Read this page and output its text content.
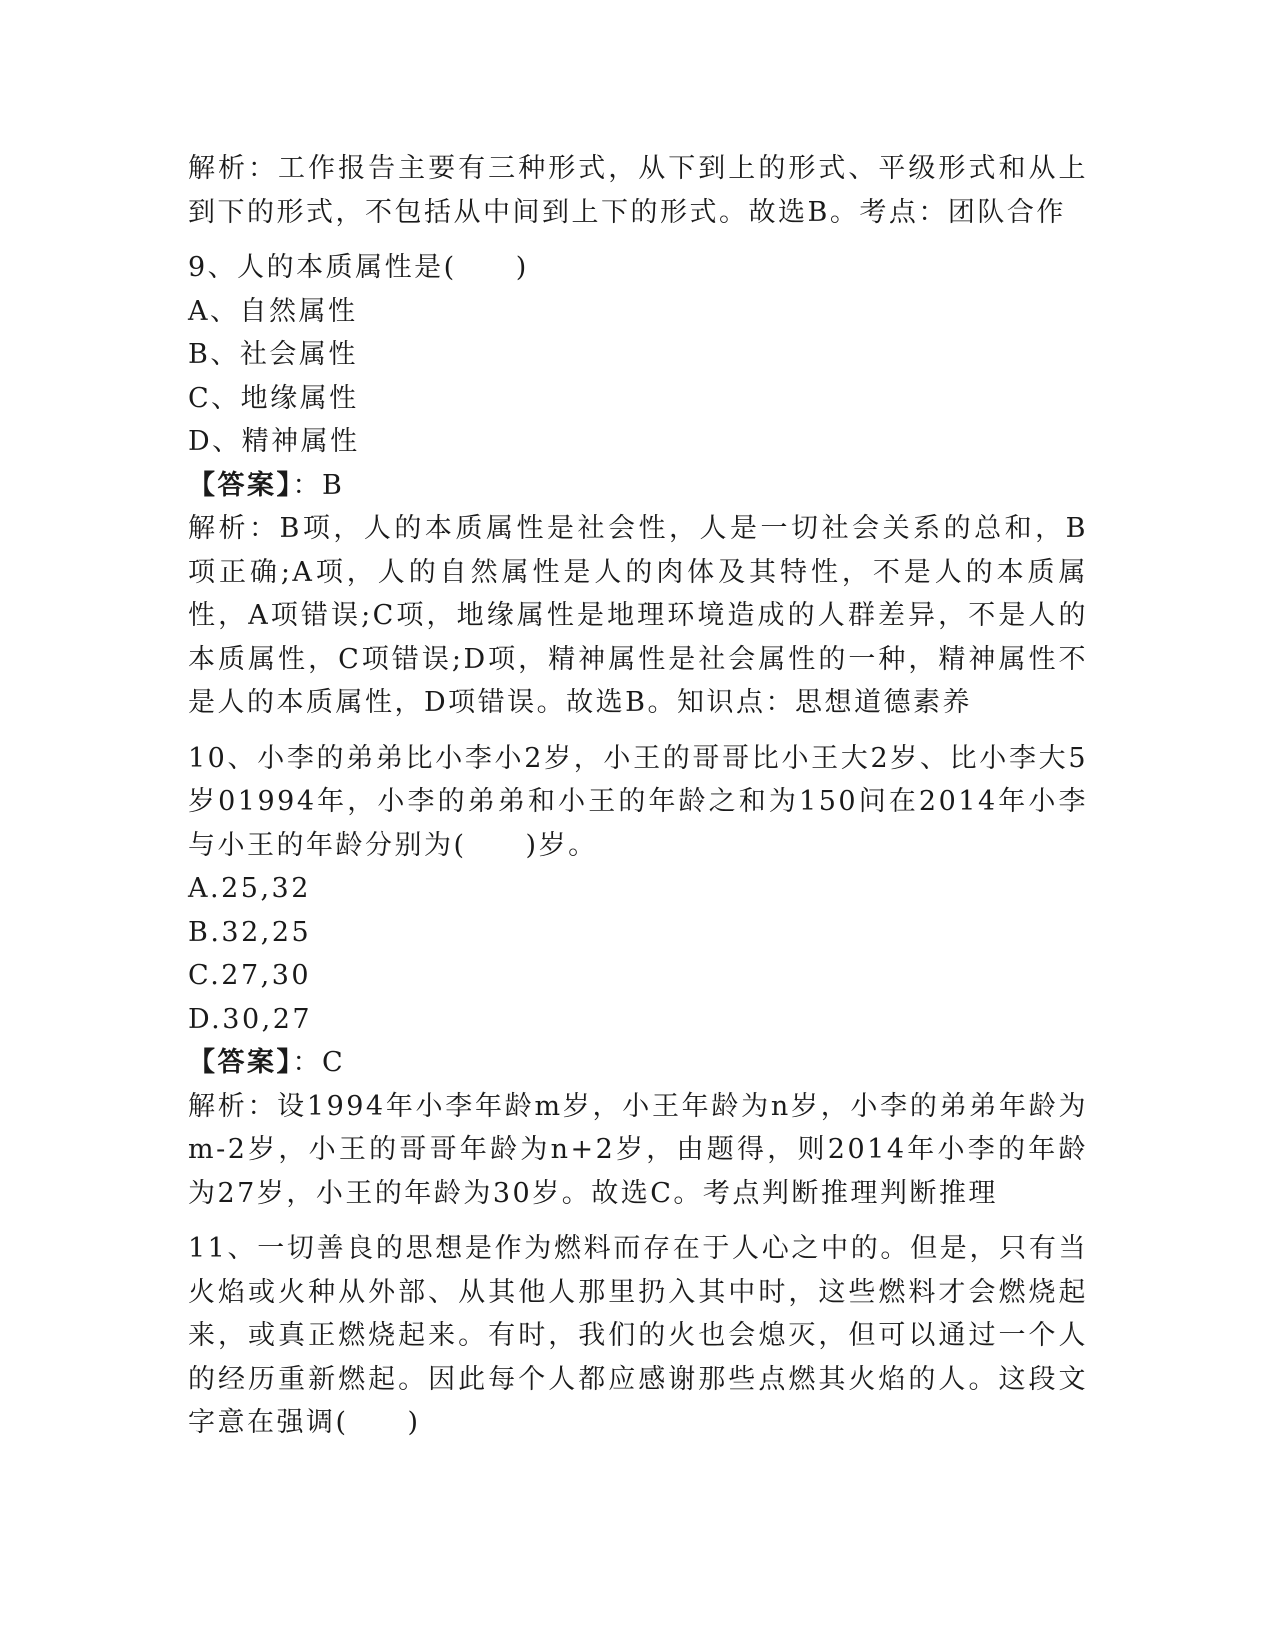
解析：工作报告主要有三种形式，从下到上的形式、平级形式和从上到下的形式，不包括从中间到上下的形式。故选B。考点：团队合作

9、人的本质属性是(　　)

A、自然属性

B、社会属性

C、地缘属性

D、精神属性

【答案】：B

解析：B项，人的本质属性是社会性，人是一切社会关系的总和，B项正确;A项，人的自然属性是人的肉体及其特性，不是人的本质属性，A项错误;C项，地缘属性是地理环境造成的人群差异，不是人的本质属性，C项错误;D项，精神属性是社会属性的一种，精神属性不是人的本质属性，D项错误。故选B。知识点：思想道德素养

10、小李的弟弟比小李小2岁，小王的哥哥比小王大2岁、比小李大5岁01994年，小李的弟弟和小王的年龄之和为150问在2014年小李与小王的年龄分别为(　　)岁。

A.25,32

B.32,25

C.27,30

D.30,27

【答案】：C

解析：设1994年小李年龄m岁，小王年龄为n岁，小李的弟弟年龄为m-2岁，小王的哥哥年龄为n+2岁，由题得，则2014年小李的年龄为27岁，小王的年龄为30岁。故选C。考点判断推理判断推理

11、一切善良的思想是作为燃料而存在于人心之中的。但是，只有当火焰或火种从外部、从其他人那里扔入其中时，这些燃料才会燃烧起来，或真正燃烧起来。有时，我们的火也会熄灭，但可以通过一个人的经历重新燃起。因此每个人都应感谢那些点燃其火焰的人。这段文字意在强调(　　)
